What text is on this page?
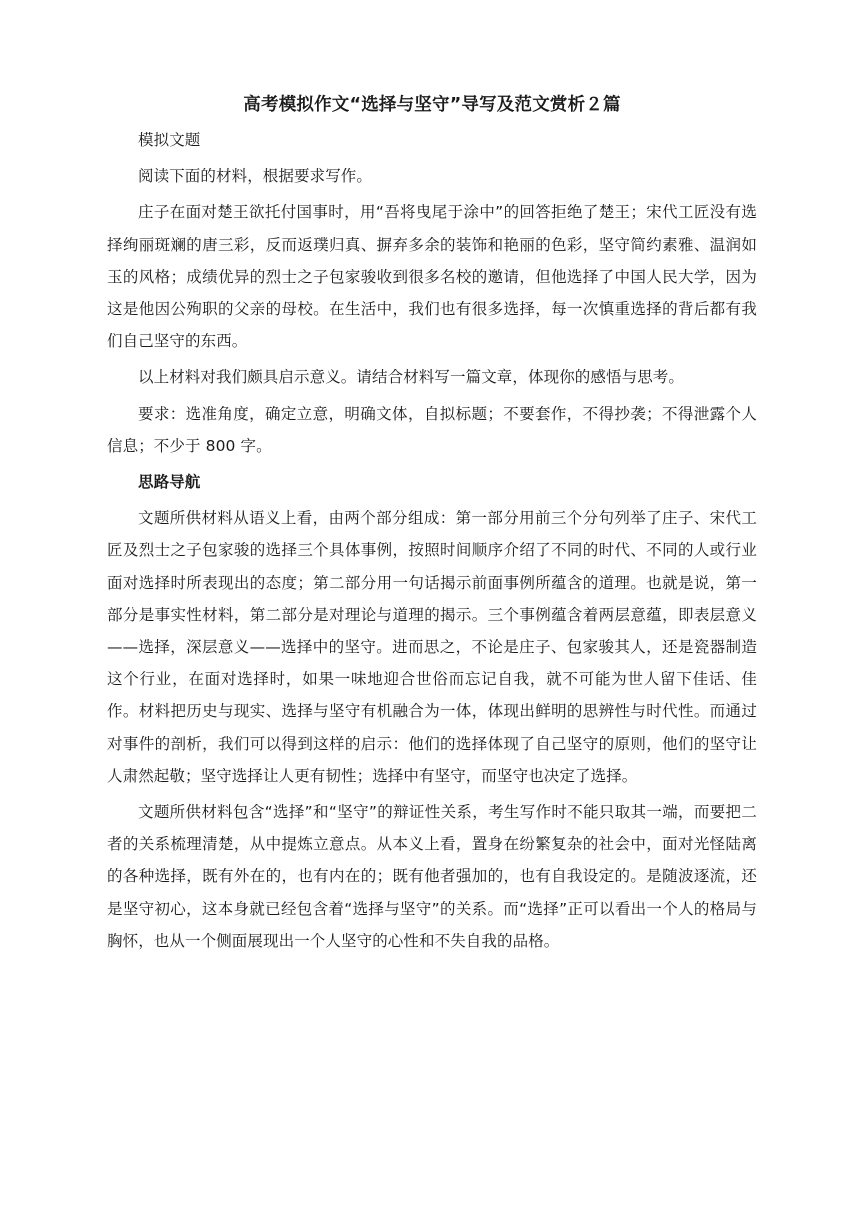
高考模拟作文“选择与坚守”导写及范文赏析２篇

模拟文题

阅读下面的材料，根据要求写作。

庄子在面对楚王欲托付国事时，用“吾将曳尾于涂中”的回答拒绝了楚王；宋代工匠没有选择绚丽斑斓的唐三彩，反而返璞归真、摒弃多余的装饰和艳丽的色彩，坚守简约素雅、温润如玉的风格；成绩优异的烈士之子包家骏收到很多名校的邀请，但他选择了中国人民大学，因为这是他因公殉职的父亲的母校。在生活中，我们也有很多选择，每一次慎重选择的背后都有我们自己坚守的东西。

以上材料对我们颇具启示意义。请结合材料写一篇文章，体现你的感悟与思考。

要求：选准角度，确定立意，明确文体，自拟标题；不要套作，不得抄袭；不得泄露个人信息；不少于 800 字。

思路导航

文题所供材料从语义上看，由两个部分组成：第一部分用前三个分句列举了庄子、宋代工匠及烈士之子包家骏的选择三个具体事例，按照时间顺序介绍了不同的时代、不同的人或行业面对选择时所表现出的态度；第二部分用一句话揭示前面事例所蕴含的道理。也就是说，第一部分是事实性材料，第二部分是对理论与道理的揭示。三个事例蕴含着两层意蕴，即表层意义——选择，深层意义——选择中的坚守。进而思之，不论是庄子、包家骏其人，还是瓷器制造这个行业，在面对选择时，如果一味地迎合世俗而忘记自我，就不可能为世人留下佳话、佳作。材料把历史与现实、选择与坚守有机融合为一体，体现出鲜明的思辨性与时代性。而通过对事件的剖析，我们可以得到这样的启示：他们的选择体现了自己坚守的原则，他们的坚守让人肃然起敬；坚守选择让人更有韧性；选择中有坚守，而坚守也决定了选择。

文题所供材料包含“选择”和“坚守”的辩证性关系，考生写作时不能只取其一端，而要把二者的关系梳理清楚，从中提炼立意点。从本义上看，置身在纷繁复杂的社会中，面对光怪陆离的各种选择，既有外在的，也有内在的；既有他者强加的，也有自我设定的。是随波逐流，还是坚守初心，这本身就已经包含着“选择与坚守”的关系。而“选择”正可以看出一个人的格局与胸怀，也从一个侧面展现出一个人坚守的心性和不失自我的品格。
